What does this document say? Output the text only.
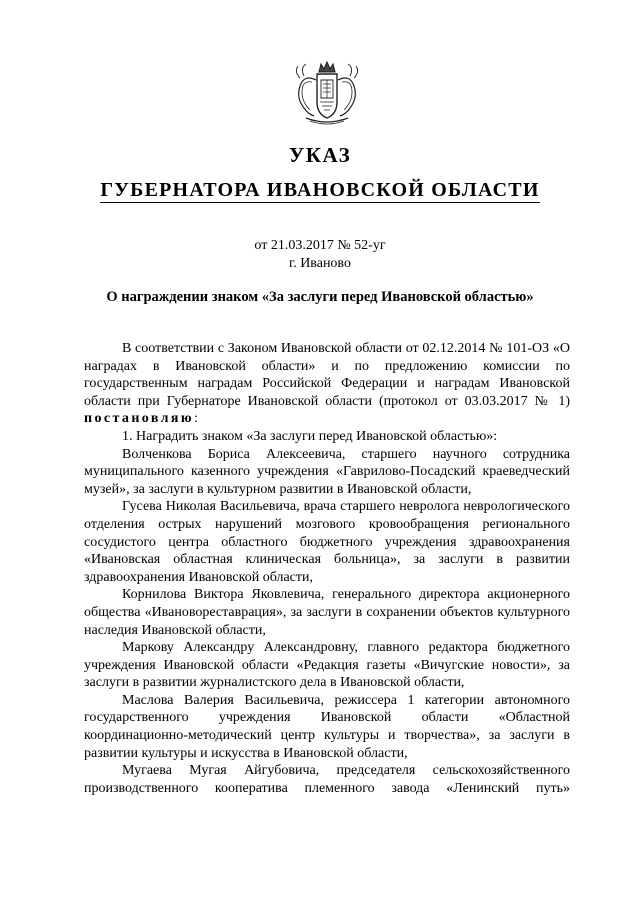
УКАЗ
ГУБЕРНАТОРА ИВАНОВСКОЙ ОБЛАСТИ
от 21.03.2017 № 52-уг
г. Иваново
О награждении знаком «За заслуги перед Ивановской областью»

В соответствии с Законом Ивановской области от 02.12.2014 № 101-ОЗ «О наградах в Ивановской области» и по предложению комиссии по государственным наградам Российской Федерации и наградам Ивановской области при Губернаторе Ивановской области (протокол от 03.03.2017 № 1) постановляю:

1. Наградить знаком «За заслуги перед Ивановской областью»:

Волченкова Бориса Алексеевича, старшего научного сотрудника муниципального казенного учреждения «Гаврилово-Посадский краеведческий музей», за заслуги в культурном развитии в Ивановской области,

Гусева Николая Васильевича, врача старшего невролога неврологического отделения острых нарушений мозгового кровообращения регионального сосудистого центра областного бюджетного учреждения здравоохранения «Ивановская областная клиническая больница», за заслуги в развитии здравоохранения Ивановской области,

Корнилова Виктора Яковлевича, генерального директора акционерного общества «Ивановореставрация», за заслуги в сохранении объектов культурного наследия Ивановской области,

Маркову Александру Александровну, главного редактора бюджетного учреждения Ивановской области «Редакция газеты «Вичугские новости», за заслуги в развитии журналистского дела в Ивановской области,

Маслова Валерия Васильевича, режиссера 1 категории автономного государственного учреждения Ивановской области «Областной координационно-методический центр культуры и творчества», за заслуги в развитии культуры и искусства в Ивановской области,

Мугаева Мугая Айгубовича, председателя сельскохозяйственного производственного кооператива племенного завода «Ленинский путь»
